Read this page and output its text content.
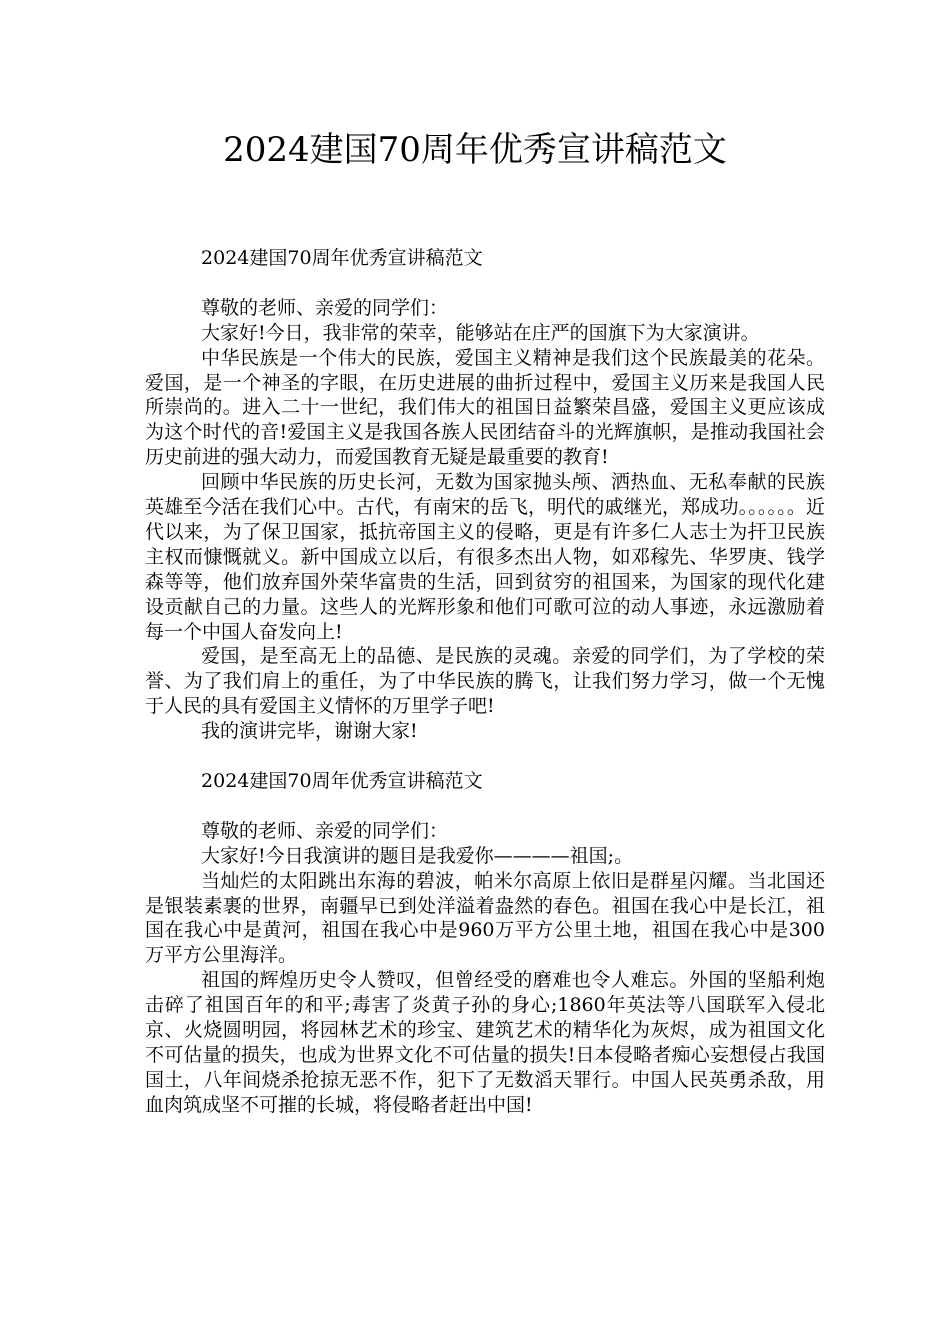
2024建国70周年优秀宣讲稿范文

2024建国70周年优秀宣讲稿范文

尊敬的老师、亲爱的同学们：

大家好!今日，我非常的荣幸，能够站在庄严的国旗下为大家演讲。

中华民族是一个伟大的民族，爱国主义精神是我们这个民族最美的花朵。爱国，是一个神圣的字眼，在历史进展的曲折过程中，爱国主义历来是我国人民所崇尚的。进入二十一世纪，我们伟大的祖国日益繁荣昌盛，爱国主义更应该成为这个时代的音!爱国主义是我国各族人民团结奋斗的光辉旗帜，是推动我国社会历史前进的强大动力，而爱国教育无疑是最重要的教育!

回顾中华民族的历史长河，无数为国家抛头颅、洒热血、无私奉献的民族英雄至今活在我们心中。古代，有南宋的岳飞，明代的戚继光，郑成功。。。。。。近代以来，为了保卫国家，抵抗帝国主义的侵略，更是有许多仁人志士为扞卫民族主权而慷慨就义。新中国成立以后，有很多杰出人物，如邓稼先、华罗庚、钱学森等等，他们放弃国外荣华富贵的生活，回到贫穷的祖国来，为国家的现代化建设贡献自己的力量。这些人的光辉形象和他们可歌可泣的动人事迹，永远激励着每一个中国人奋发向上!

爱国，是至高无上的品德、是民族的灵魂。亲爱的同学们，为了学校的荣誉、为了我们肩上的重任，为了中华民族的腾飞，让我们努力学习，做一个无愧于人民的具有爱国主义情怀的万里学子吧!

我的演讲完毕，谢谢大家!

2024建国70周年优秀宣讲稿范文

尊敬的老师、亲爱的同学们：

大家好!今日我演讲的题目是我爱你————祖国;。

当灿烂的太阳跳出东海的碧波，帕米尔高原上依旧是群星闪耀。当北国还是银装素裹的世界，南疆早已到处洋溢着盎然的春色。祖国在我心中是长江，祖国在我心中是黄河，祖国在我心中是960万平方公里土地，祖国在我心中是300万平方公里海洋。

祖国的辉煌历史令人赞叹，但曾经受的磨难也令人难忘。外国的坚船利炮击碎了祖国百年的和平;毒害了炎黄子孙的身心;1860年英法等八国联军入侵北京、火烧圆明园，将园林艺术的珍宝、建筑艺术的精华化为灰烬，成为祖国文化不可估量的损失，也成为世界文化不可估量的损失!日本侵略者痴心妄想侵占我国国土，八年间烧杀抢掠无恶不作，犯下了无数滔天罪行。中国人民英勇杀敌，用血肉筑成坚不可摧的长城，将侵略者赶出中国!
